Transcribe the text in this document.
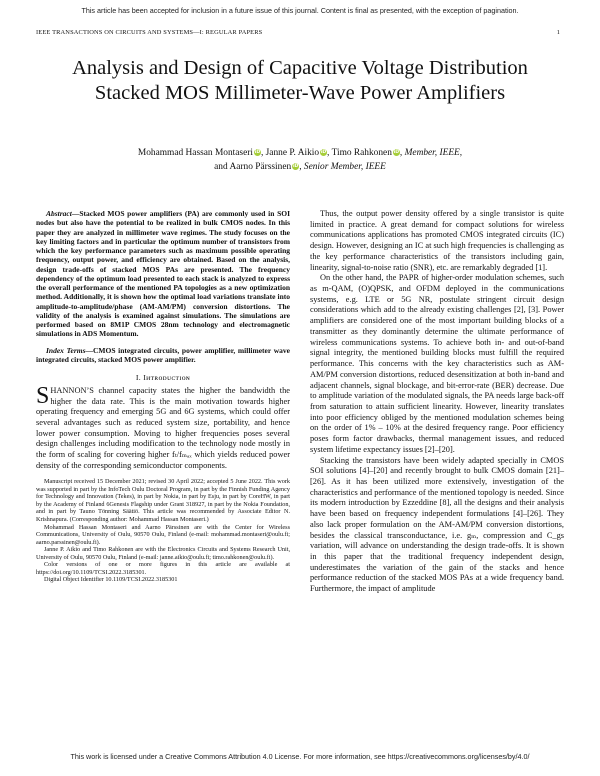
This article has been accepted for inclusion in a future issue of this journal. Content is final as presented, with the exception of pagination.
IEEE TRANSACTIONS ON CIRCUITS AND SYSTEMS—I: REGULAR PAPERS	1
Analysis and Design of Capacitive Voltage Distribution Stacked MOS Millimeter-Wave Power Amplifiers
Mohammad Hassan Montaseri iD, Janne P. Aikio iD, Timo Rahkonen iD, Member, IEEE,
and Aarno Pärssinen iD, Senior Member, IEEE

Abstract—Stacked MOS power amplifiers (PA) are commonly used in SOI nodes but also have the potential to be realized in bulk CMOS nodes. In this paper they are analyzed in millimeter wave regimes. The study focuses on the key limiting factors and in particular the optimum number of transistors from which the key performance parameters such as maximum possible operating frequency, output power, and efficiency are obtained. Based on the analysis, design trade-offs of stacked MOS PAs are presented. The frequency dependency of the optimum load presented to each stack is analyzed to express the overall performance of the mentioned PA topologies as a new optimization method. Additionally, it is shown how the optimal load variations translate into amplitude-to-amplitude/phase (AM-AM/PM) conversion distortions. The validity of the analysis is examined against simulations. The simulations are performed based on 8M1P CMOS 28nm technology and electromagnetic simulations in ADS Momentum.

Index Terms—CMOS integrated circuits, power amplifier, millimeter wave integrated circuits, stacked MOS power amplifier.

I. Iᴎᴛʀᴏᴅᴜᴄᴛɪᴏɴ

SHANNON’S channel capacity states the higher the bandwidth the higher the data rate. This is the main motivation towards higher operating frequency and emerging 5G and 6G systems, which could offer several advantages such as reduced system size, portability, and hence lower power consumption. Moving to higher frequencies poses several design challenges including modification to the technology node mostly in the form of scaling for covering higher fₜ/fₘₐₓ which yields reduced power density of the corresponding semiconductor components.

Manuscript received 15 December 2021; revised 30 April 2022; accepted 5 June 2022. This work was supported in part by the InfoTech Oulu Doctoral Program, in part by the Finnish Funding Agency for Technology and Innovation (Tekes), in part by Nokia, in part by Esju, in part by CoreHW, in part by the Academy of Finland 6Genesis Flagship under Grant 318927, in part by the Nokia Foundation, and in part by Tauno Tönning Säätiö. This article was recommended by Associate Editor N. Krishnapura. (Corresponding author: Mohammad Hassan Montaseri.)

Mohammad Hassan Montaseri and Aarno Pärssinen are with the Center for Wireless Communications, University of Oulu, 90570 Oulu, Finland (e-mail: mohammad.montaseri@oulu.fi; aarno.parssinen@oulu.fi).

Janne P. Aikio and Timo Rahkonen are with the Electronics Circuits and Systems Research Unit, University of Oulu, 90570 Oulu, Finland (e-mail: janne.aikio@oulu.fi; timo.rahkonen@oulu.fi).

Color versions of one or more figures in this article are available at https://doi.org/10.1109/TCSI.2022.3185301.

Digital Object Identifier 10.1109/TCSI.2022.3185301

Thus, the output power density offered by a single transistor is quite limited in practice. A great demand for compact solutions for wireless communications applications has promoted CMOS integrated circuits (IC) design. However, designing an IC at such high frequencies is challenging as the key performance characteristics of the transistors including gain, linearity, signal-to-noise ratio (SNR), etc. are remarkably degraded [1].

On the other hand, the PAPR of higher-order modulation schemes, such as m-QAM, (O)QPSK, and OFDM deployed in the communications systems, e.g. LTE or 5G NR, postulate stringent circuit design considerations which add to the already existing challenges [2], [3]. Power amplifiers are considered one of the most important building blocks of a transmitter as they dominantly determine the ultimate performance of wireless communications systems. To achieve both in- and out-of-band signal integrity, the mentioned building blocks must fulfill the required performance. This concerns with the key characteristics such as AM-AM/PM conversion distortions, reduced desensitization at both in-band and adjacent channels, signal blockage, and bit-error-rate (BER) decrease. Due to amplitude variation of the modulated signals, the PA needs large back-off from saturation to attain sufficient linearity. However, linearity translates into poor efficiency obliged by the mentioned modulation schemes being on the order of 1% – 10% at the desired frequency range. Poor efficiency poses form factor drawbacks, thermal management issues, and reduced system lifetime expectancy issues [2]–[20].

Stacking the transistors have been widely adapted specially in CMOS SOI solutions [4]–[20] and recently brought to bulk CMOS domain [21]–[26]. As it has been utilized more extensively, investigation of the characteristics and performance of the mentioned topology is needed. Since its modern introduction by Ezzeddine [8], all the designs and their analysis have been based on frequency independent formulations [4]–[26]. They also lack proper formulation on the AM-AM/PM conversion distortions, besides the classical transconductance, i.e. gₘ, compression and C_gs variation, will advance on understanding the design trade-offs. It is shown in this paper that the traditional frequency independent design, underestimates the variation of the gain of the stacks and hence performance reduction of the stacked MOS PAs at a wide frequency band. Furthermore, the impact of amplitude

This work is licensed under a Creative Commons Attribution 4.0 License. For more information, see https://creativecommons.org/licenses/by/4.0/
